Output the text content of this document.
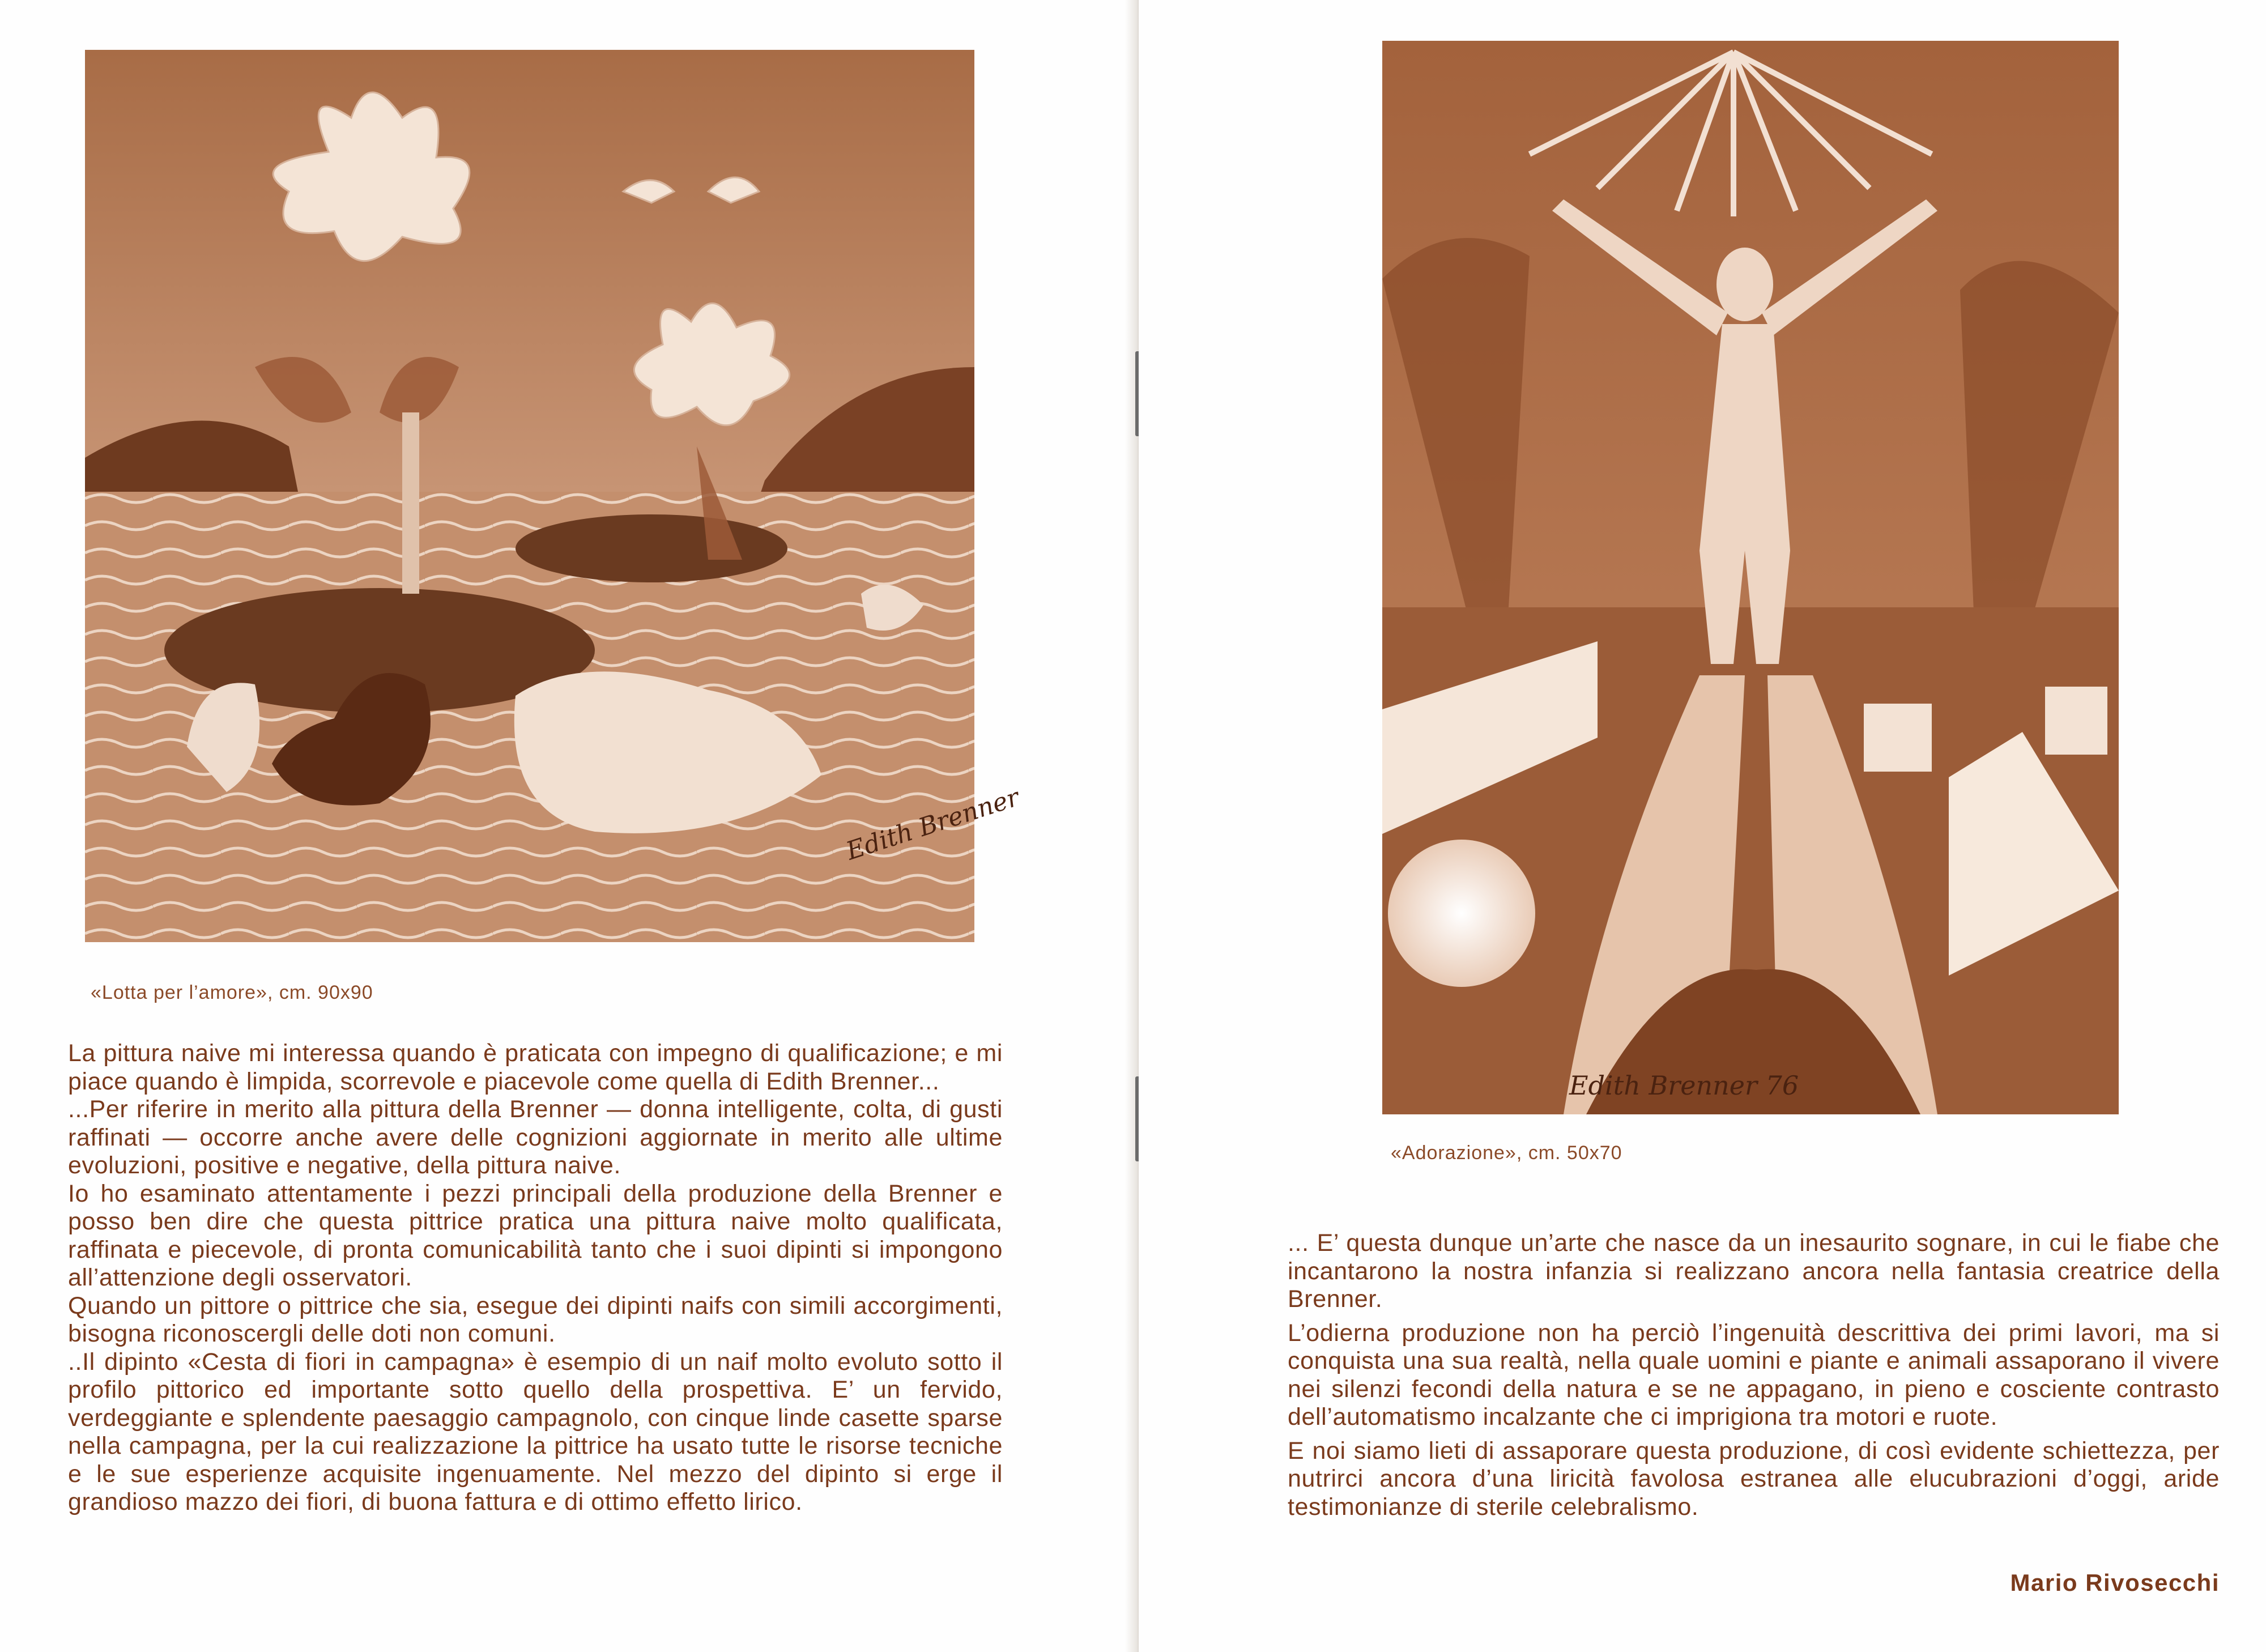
Edith Brenner
«Lotta per l’amore», cm. 90x90

La pittura naive mi interessa quando è praticata con impegno di qualificazione; e mi piace quando è limpida, scorrevole e piacevole come quella di Edith Brenner...

...Per riferire in merito alla pittura della Brenner — donna intelligente, colta, di gusti raffinati — occorre anche avere delle cognizioni aggiornate in merito alle ultime evoluzioni, positive e negative, della pittura naive.

Io ho esaminato attentamente i pezzi principali della produzione della Brenner e posso ben dire che questa pittrice pratica una pittura naive molto qualificata, raffinata e piecevole, di pronta comunicabilità tanto che i suoi dipinti si impongono all’attenzione degli osservatori.

Quando un pittore o pittrice che sia, esegue dei dipinti naifs con simili accorgimenti, bisogna riconoscergli delle doti non comuni.

..Il dipinto «Cesta di fiori in campagna» è esempio di un naif molto evoluto sotto il profilo pittorico ed importante sotto quello della prospettiva. E’ un fervido, verdeggiante e splendente paesaggio campagnolo, con cinque linde casette sparse nella campagna, per la cui realizzazione la pittrice ha usato tutte le risorse tecniche e le sue esperienze acquisite ingenuamente. Nel mezzo del dipinto si erge il grandioso mazzo dei fiori, di buona fattura e di ottimo effetto lirico.

Edith Brenner 76
«Adorazione», cm. 50x70

... E’ questa dunque un’arte che nasce da un inesaurito sognare, in cui le fiabe che incantarono la nostra infanzia si realizzano ancora nella fantasia creatrice della Brenner.

L’odierna produzione non ha perciò l’ingenuità descrittiva dei primi lavori, ma si conquista una sua realtà, nella quale uomini e piante e animali assaporano il vivere nei silenzi fecondi della natura e se ne appagano, in pieno e cosciente contrasto dell’automatismo incalzante che ci imprigiona tra motori e ruote.

E noi siamo lieti di assaporare questa produzione, di così evidente schiettezza, per nutrirci ancora d’una liricità favolosa estranea alle elucubrazioni d’oggi, aride testimonianze di sterile celebralismo.

Mario Rivosecchi
